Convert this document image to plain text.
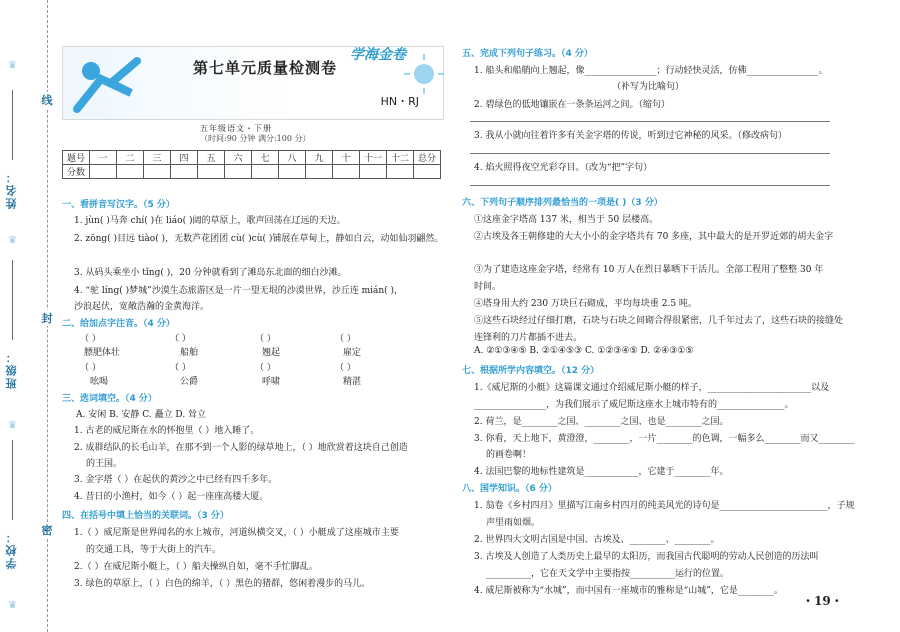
♛
姓名：
♛
班级：
♛
学校：
♛
线
封
密
第七单元质量检测卷
HN・RJ
学海金卷
五年级语文・下册
（时间:90 分钟 满分:100 分）
题号	一	二	三	四	五	六	七	八	九	十	十一	十二	总分
分数													
一、看拼音写汉字。（5 分）
1. jùn( )马奔 chí( )在 liáo( )阔的草原上，歌声回荡在辽远的天边。
2. zōng( )目远 tiào( )，无数芦花团团 cù( )cù( )铺展在草甸上，静如白云，动如仙羽翩然。
3. 从码头乘坐小 tǐng( )，20 分钟就看到了滩岛东北面的细白沙滩。
4. “驼 líng( )梦城”沙漠生态旅游区是一片一望无垠的沙漠世界，沙丘连 mián( )，
沙浪起伏，宽敞浩瀚的金黄海洋。
二、给加点字注音。（4 分）
（ ）	（ ）	（ ）	（ ）
膘肥体壮	船舶	翘起	雇定
（ ）	（ ）	（ ）	（ ）
吆喝	公爵	呼啸	精湛
三、选词填空。（4 分）
A. 安闲 B. 安静 C. 矗立 D. 耸立
1. 古老的威尼斯在水的怀抱里（ ）地入睡了。
2. 成群结队的长毛山羊，在那不到一个人影的绿草地上，（ ）地欣赏着这块自己创造
的王国。
3. 金字塔（ ）在起伏的黄沙之中已经有四千多年。
4. 昔日的小渔村，如今（ ）起一座座高楼大厦。
四、在括号中填上恰当的关联词。（3 分）
1.（ ）威尼斯是世界闻名的水上城市，河道纵横交叉，（ ）小艇成了这座城市主要
的交通工具，等于大街上的汽车。
2.（ ）在威尼斯小艇上，（ ）船夫操纵自如，毫不手忙脚乱。
3. 绿色的草原上，（ ）白色的绵羊，（ ）黑色的猪群，悠闲着漫步的马儿。
五、完成下列句子练习。（4 分）
1. 船头和船艄向上翘起，像________________；行动轻快灵活，仿佛________________。
（补写为比喻句）
2. 碧绿色的低地镶嵌在一条条运河之间。（缩句）
3. 我从小就向往着许多有关金字塔的传说，听到过它神秘的风采。（修改病句）
4. 焰火照得夜空光彩夺目。（改为“把”字句）
六、下列句子顺序排列最恰当的一项是( )（3 分）
①这座金字塔高 137 米，相当于 50 层楼高。
②古埃及各王朝修建的大大小小的金字塔共有 70 多座，其中最大的是开罗近郊的胡夫金字
③为了建造这座金字塔，经常有 10 万人在烈日暴晒下干活儿。全部工程用了整整 30 年
时间。
④塔身用大约 230 万块巨石砌成，平均每块重 2.5 吨。
⑤这些石块经过仔细打磨，石块与石块之间砌合得很紧密，几千年过去了，这些石块的接缝处
连锋利的刀片都插不进去。
A. ②①③④⑤ B. ②①④⑤③ C. ①②③④⑤ D. ②④③①⑤
七、根据所学内容填空。（12 分）
1.《威尼斯的小艇》这篇课文通过介绍威尼斯小艇的样子，_______________________以及
________________，为我们展示了威尼斯这座水上城市特有的_______________。
2. 荷兰，是________之国、________之国、也是________之国。
3. 你看，天上地下，黄澄澄，________，一片________的色调，一幅多么________而又________
的画卷啊！
4. 法国巴黎的地标性建筑是____________，它建于________年。
八、国学知识。（6 分）
1. 翁卷《乡村四月》里描写江南乡村四月的纯美风光的诗句是________________________，子规
声里雨如烟。
2. 世界四大文明古国是中国、古埃及、________、________。
3. 古埃及人创造了人类历史上最早的太阳历，而我国古代聪明的劳动人民创造的历法叫
__________，它在天文学中主要指按__________运行的位置。
4. 威尼斯被称为“水城”，而中国有一座城市的雅称是“山城”，它是________。
・19・
